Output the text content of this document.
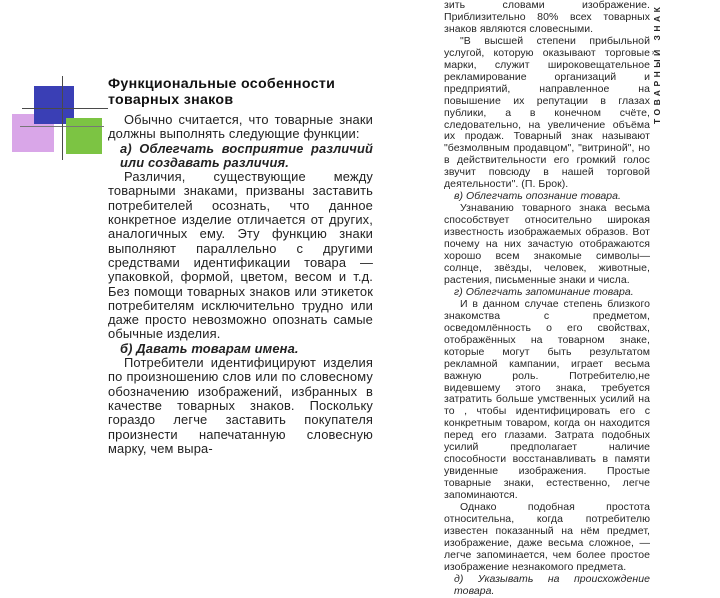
Функциональные особенности товарных знаков

Обычно считается, что товарные знаки должны выполнять следующие функции:

а) Облегчать восприятие различий или создавать различия.

Различия, существующие между товарными знаками, призваны заставить потребителей осознать, что данное конкретное изделие отличается от других, аналогичных ему. Эту функцию знаки выполняют параллельно с другими средствами идентификации товара — упаковкой, формой, цветом, весом и т.д. Без помощи товарных знаков или этикеток потребителям исключительно трудно или даже просто невозможно опознать самые обычные изделия.

б) Давать товарам имена.

Потребители идентифицируют изделия по произношению слов или по словесному обозначению изображений, избранных в качестве товарных знаков. Поскольку гораздо легче заставить покупателя произнести напечатанную словесную марку, чем выра-

зить словами изображение. Приблизительно 80% всех товарных знаков являются словесными.

"В высшей степени прибыльной услугой, которую оказывают торговые марки, служит широковещательное рекламирование организаций и предприятий, направленное на повышение их репутации в глазах публики, а в конечном счёте, следовательно, на увеличение объёма их продаж. Товарный знак называют "безмолвным продавцом", "витриной", но в действительности его громкий голос звучит повсюду в нашей торговой деятельности". (П. Брок).

в) Облегчать опознание товара.

Узнаванию товарного знака весьма способствует относительно широкая известность изображаемых образов. Вот почему на них зачастую отображаются хорошо всем знакомые символы—солнце, звёзды, человек, животные, растения, письменные знаки и числа.

г) Облегчать запоминание товара.

И в данном случае степень близкого знакомства с предметом, осведомлённость о его свойствах, отображённых на товарном знаке, которые могут быть результатом рекламной кампании, играет весьма важную роль. Потребителю,не видевшему этого знака, требуется затратить больше умственных усилий на то , чтобы идентифицировать его с конкретным товаром, когда он находится перед его глазами. Затрата подобных усилий предполагает наличие способности восстанавливать в памяти увиденные изображения. Простые товарные знаки, естественно, легче запоминаются.

Однако подобная простота относительна, когда потребителю известен показанный на нём предмет, изображение, даже весьма сложное, — легче запоминается, чем более простое изображение незнакомого предмета.

д) Указывать на происхождение товара.

ТОВАРНЫЙ ЗНАК
